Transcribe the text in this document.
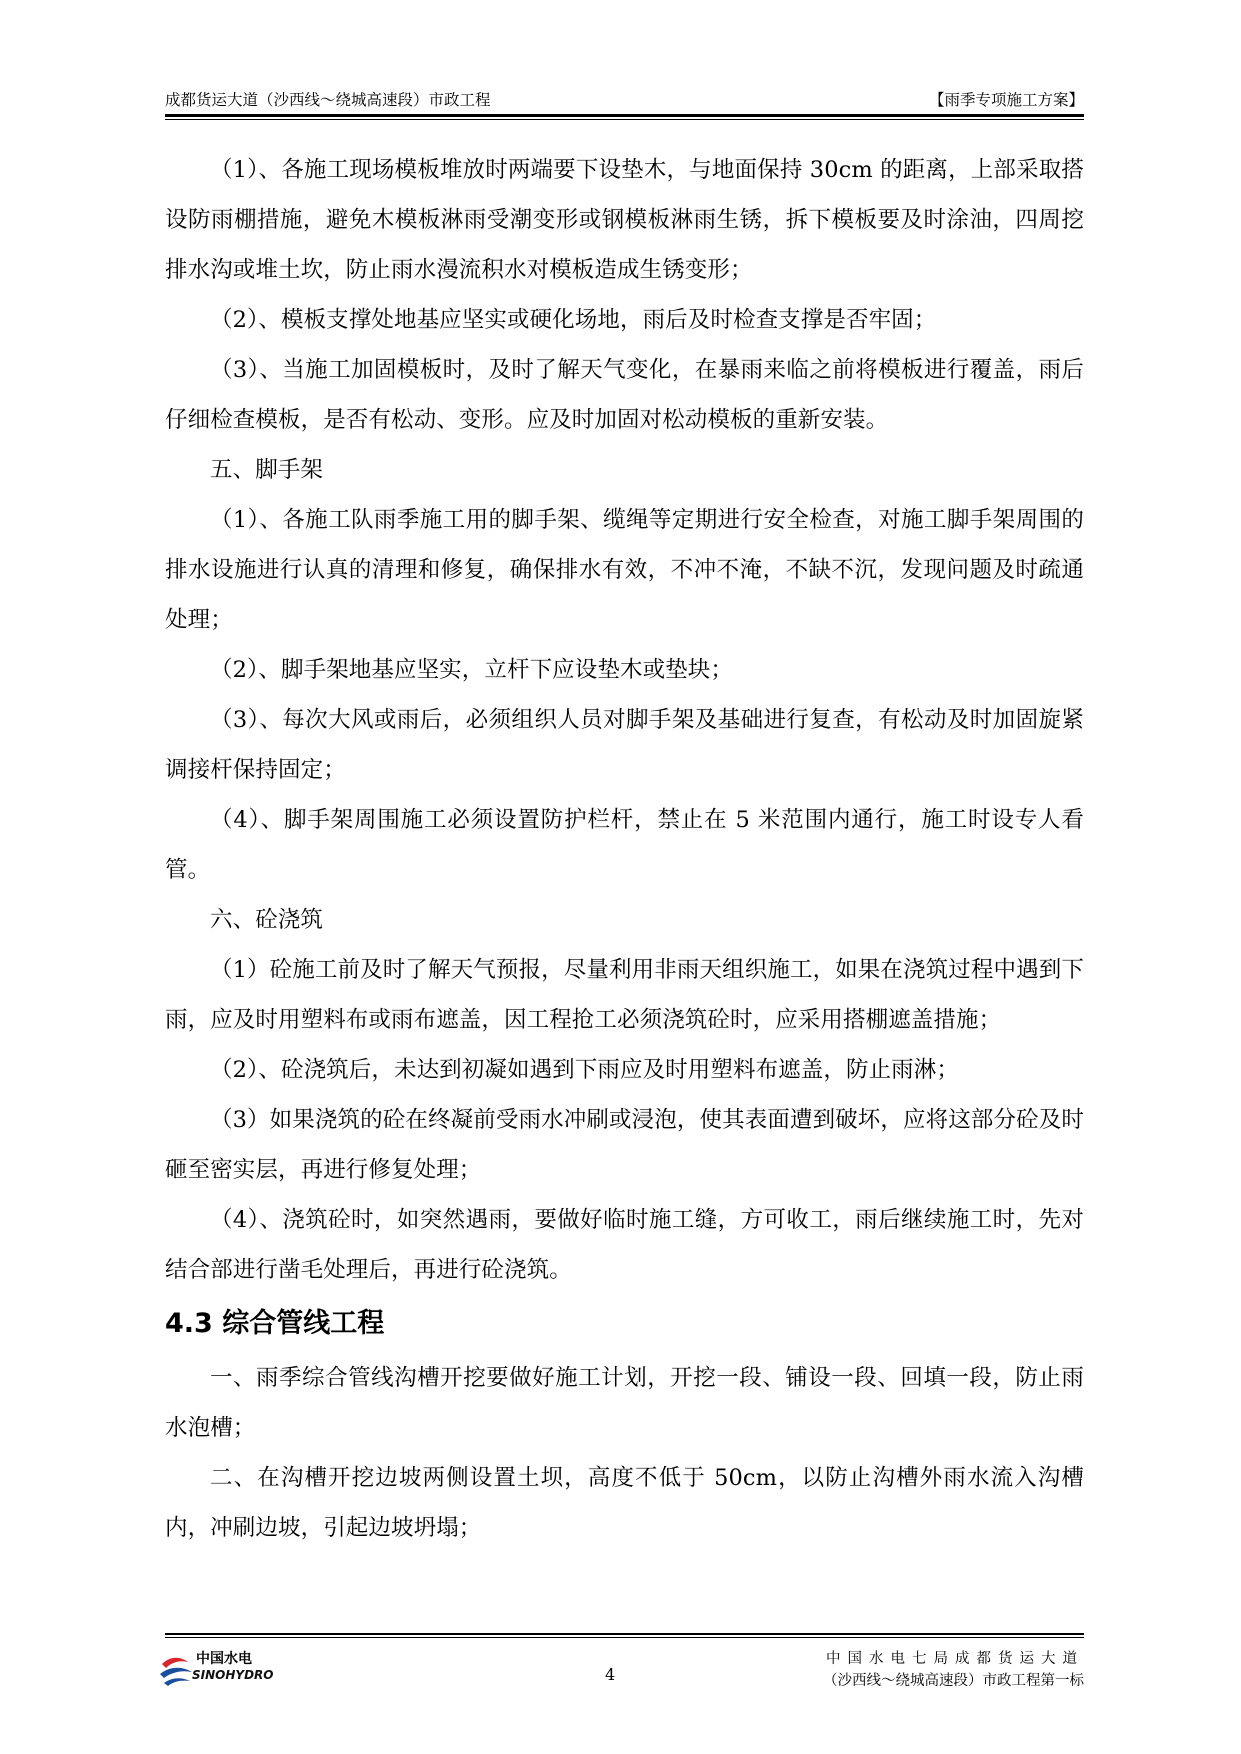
成都货运大道（沙西线～绕城高速段）市政工程	【雨季专项施工方案】

（1）、各施工现场模板堆放时两端要下设垫木，与地面保持 30cm 的距离，上部采取搭设防雨棚措施，避免木模板淋雨受潮变形或钢模板淋雨生锈，拆下模板要及时涂油，四周挖排水沟或堆土坎，防止雨水漫流积水对模板造成生锈变形；

（2）、模板支撑处地基应坚实或硬化场地，雨后及时检查支撑是否牢固；

（3）、当施工加固模板时，及时了解天气变化，在暴雨来临之前将模板进行覆盖，雨后仔细检查模板，是否有松动、变形。应及时加固对松动模板的重新安装。

五、脚手架

（1）、各施工队雨季施工用的脚手架、缆绳等定期进行安全检查，对施工脚手架周围的排水设施进行认真的清理和修复，确保排水有效，不冲不淹，不缺不沉，发现问题及时疏通处理；

（2）、脚手架地基应坚实，立杆下应设垫木或垫块；

（3）、每次大风或雨后，必须组织人员对脚手架及基础进行复查，有松动及时加固旋紧调接杆保持固定；

（4）、脚手架周围施工必须设置防护栏杆，禁止在 5 米范围内通行，施工时设专人看管。

六、砼浇筑

（1）砼施工前及时了解天气预报，尽量利用非雨天组织施工，如果在浇筑过程中遇到下雨，应及时用塑料布或雨布遮盖，因工程抢工必须浇筑砼时，应采用搭棚遮盖措施；

（2）、砼浇筑后，未达到初凝如遇到下雨应及时用塑料布遮盖，防止雨淋；

（3）如果浇筑的砼在终凝前受雨水冲刷或浸泡，使其表面遭到破坏，应将这部分砼及时砸至密实层，再进行修复处理；

（4）、浇筑砼时，如突然遇雨，要做好临时施工缝，方可收工，雨后继续施工时，先对结合部进行凿毛处理后，再进行砼浇筑。

4.3 综合管线工程

一、雨季综合管线沟槽开挖要做好施工计划，开挖一段、铺设一段、回填一段，防止雨水泡槽；

二、在沟槽开挖边坡两侧设置土坝，高度不低于 50cm，以防止沟槽外雨水流入沟槽内，冲刷边坡，引起边坡坍塌；

中国水电
SINOHYDRO	4
中国水电七局成都货运大道
（沙西线～绕城高速段）市政工程第一标
